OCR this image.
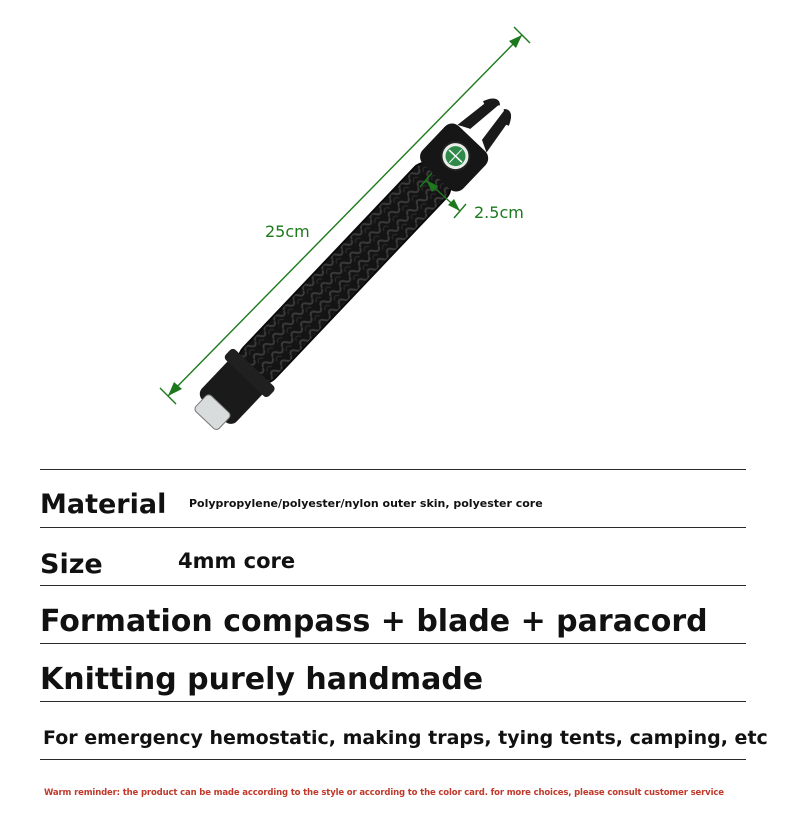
25cm
2.5cm
Material Polypropylene/polyester/nylon outer skin, polyester core
Size	4mm core
Formation compass + blade + paracord
Knitting purely handmade
For emergency hemostatic, making traps, tying tents, camping, etc
Warm reminder: the product can be made according to the style or according to the color card. for more choices, please consult customer service
